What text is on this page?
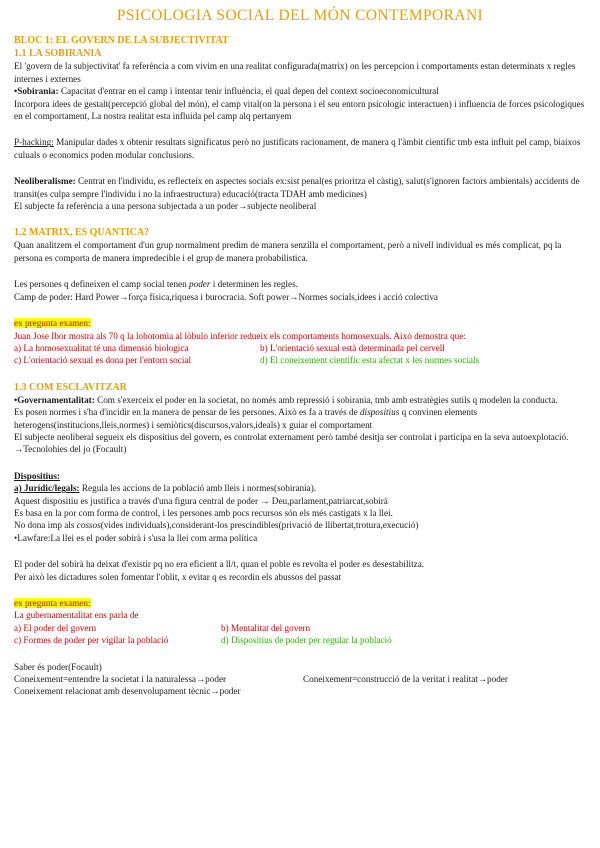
PSICOLOGIA SOCIAL DEL MÓN CONTEMPORANI
BLOC 1: EL GOVERN DE LA SUBJECTIVITAT
1.1 LA SOBIRANIA

El 'govern de la subjectivitat' fa referència a com vivim en una realitat configurada(matrix) on les percepcion i comportaments estan determinats x regles internes i externes

•Sobirania: Capacitat d'entrar en el camp i intentar tenir influència, el qual depen del context socioeconomicultural

Incorpora idees de gestalt(percepció global del món), el camp vital(on la persona i el seu entorn psicologic interactuen) i influencia de forces psicologiques en el comportament, La nostra realitat esta influida pel camp alq pertanyem

P-hacking: Manipular dades x obtenir resultats significatus però no justificats racionament, de manera q l'àmbit científic tmb esta influit pel camp, biaixos culuals o economics poden modular conclusions.

Neoliberalisme: Centrat en l'individu, es reflecteix en aspectes socials ex:sist penal(es prioritza el càstig), salut(s'ignoren factors ambientals) accidents de transit(es culpa sempre l'individu i no la infraestructura) educació(tracta TDAH amb medicines)

El subjecte fa referència a una persona subjectada a un poder→subjecte neoliberal

1.2 MATRIX, ES QUANTICA?

Quan analitzem el comportament d'un grup normalment predim de manera senzilla el comportament, però a nivell individual es més complicat, pq la persona es comporta de manera impredecible i el grup de manera probabilistica.

Les persones q defineixen el camp social tenen poder i determinen les regles.

Camp de poder: Hard Power→força física,riquesa i burocracia. Soft power→Normes socials,idees i acció colectiva

ex pregunta examen:

Juan Jose Ibor mostra als 70 q la lobotomia al lòbulo inferior redueix els comportaments homosexuals. Això demostra que:

a) La homosexualitat té una dimensió biologica	b) L'orientació sexual està determinada pel cervell
c) L'orientació sexual es dona per l'entorn social	d) El coneixement científic esta afectat x les normes socials
1.3 COM ESCLAVITZAR

•Governamentalitat: Com s'exerceix el poder en la societat, no només amb repressió i sobirania, tmb amb estratègies sutils q modelen la conducta.

Es posen normes i s'ha d'incidir en la manera de pensar de les persones. Això es fa a través de dispositius q convinen elements heterogens(institucions,lleis,normes) i semiòtics(discursos,valors,ideals) x guiar el comportament

El subjecte neoliberal segueix els dispositius del govern, es controlat externament però també desitja ser controlat i participa en la seva autoexplotació. →Tecnolohies del jo (Focault)

Dispositius:

a) Jurídic/legals: Regula les accions de la població amb lleis i normes(sobirania).

Aquest dispositiu es justifica a través d'una figura central de poder → Deu,parlament,patriarcat,sobirà

Es basa en la por com forma de control, i les persones amb pocs recursos són els més castigats x la llei.

No dona imp als cossos(vides individuals),considerant-los prescindibles(privació de llibertat,trotura,execució)

•Lawfare:La llei es el poder sobirà i s'usa la llei com arma política

El poder del sobirà ha deixat d'existir pq no era eficient a ll/t, quan el poble es revolta el poder es desestabilitza.

Per això les dictadures solen fomentar l'oblit, x evitar q es recordin els abussos del passat

ex pregunta examen:

La gubernamentalitat ens parla de

a) El poder del govern	b) Mentalitat del govern
c) Formes de poder per vigilar la població	d) Dispositius de poder per regular la població

Saber és poder(Focault)

Coneixement=entendre la societat i la naturalessa→poder	Coneixement=construcció de la veritat i realitat→poder

Coneixement relacionat amb desenvolupament tècnic→poder
